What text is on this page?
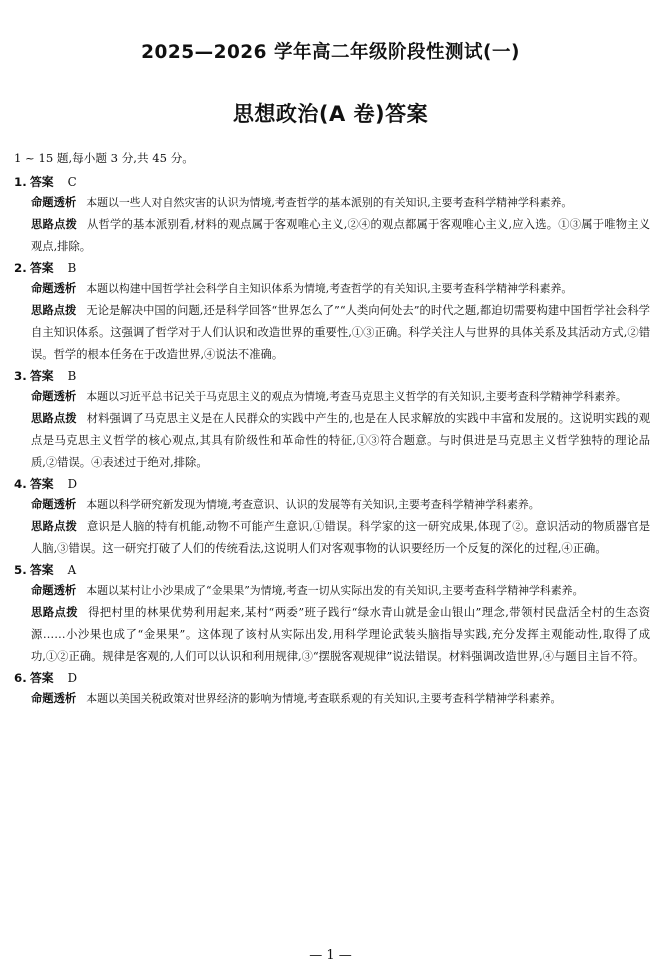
2025—2026 学年高二年级阶段性测试(一)
思想政治(A 卷)答案
1 ~ 15 题,每小题 3 分,共 45 分。
1. 答案 C
命题透析 本题以一些人对自然灾害的认识为情境,考查哲学的基本派别的有关知识,主要考查科学精神学科素养。
思路点拨 从哲学的基本派别看,材料的观点属于客观唯心主义,②④的观点都属于客观唯心主义,应入选。①③属于唯物主义观点,排除。
2. 答案 B
命题透析 本题以构建中国哲学社会科学自主知识体系为情境,考查哲学的有关知识,主要考查科学精神学科素养。
思路点拨 无论是解决中国的问题,还是科学回答“世界怎么了”“人类向何处去”的时代之题,都迫切需要构建中国哲学社会科学自主知识体系。这强调了哲学对于人们认识和改造世界的重要性,①③正确。科学关注人与世界的具体关系及其活动方式,②错误。哲学的根本任务在于改造世界,④说法不准确。
3. 答案 B
命题透析 本题以习近平总书记关于马克思主义的观点为情境,考查马克思主义哲学的有关知识,主要考查科学精神学科素养。
思路点拨 材料强调了马克思主义是在人民群众的实践中产生的,也是在人民求解放的实践中丰富和发展的。这说明实践的观点是马克思主义哲学的核心观点,其具有阶级性和革命性的特征,①③符合题意。与时俱进是马克思主义哲学独特的理论品质,②错误。④表述过于绝对,排除。
4. 答案 D
命题透析 本题以科学研究新发现为情境,考查意识、认识的发展等有关知识,主要考查科学精神学科素养。
思路点拨 意识是人脑的特有机能,动物不可能产生意识,①错误。科学家的这一研究成果,体现了②。意识活动的物质器官是人脑,③错误。这一研究打破了人们的传统看法,这说明人们对客观事物的认识要经历一个反复的深化的过程,④正确。
5. 答案 A
命题透析 本题以某村让小沙果成了“金果果”为情境,考查一切从实际出发的有关知识,主要考查科学精神学科素养。
思路点拨 得把村里的林果优势利用起来,某村“两委”班子践行“绿水青山就是金山银山”理念,带领村民盘活全村的生态资源……小沙果也成了“金果果”。这体现了该村从实际出发,用科学理论武装头脑指导实践,充分发挥主观能动性,取得了成功,①②正确。规律是客观的,人们可以认识和利用规律,③“摆脱客观规律”说法错误。材料强调改造世界,④与题目主旨不符。
6. 答案 D
命题透析 本题以美国关税政策对世界经济的影响为情境,考查联系观的有关知识,主要考查科学精神学科素养。
— 1 —
